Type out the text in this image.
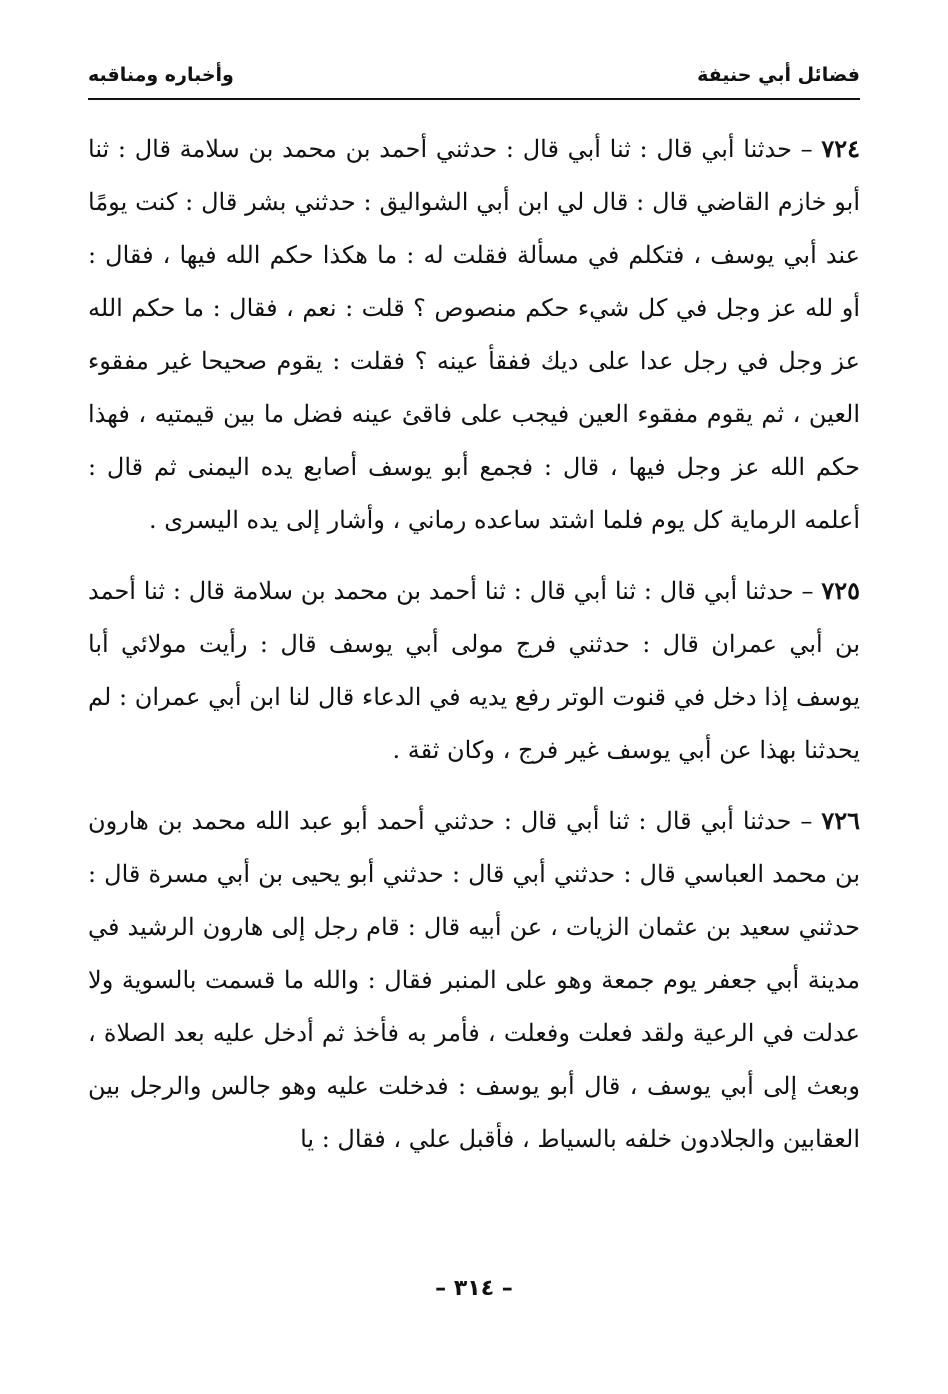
فضائل أبي حنيفة
وأخباره ومناقبه

٧٢٤ – حدثنا أبي قال : ثنا أبي قال : حدثني أحمد بن محمد بن سلامة قال : ثنا أبو خازم القاضي قال : قال لي ابن أبي الشواليق : حدثني بشر قال : كنت يومًا عند أبي يوسف ، فتكلم في مسألة فقلت له : ما هكذا حكم الله فيها ، فقال : أو لله عز وجل في كل شيء حكم منصوص ؟ قلت : نعم ، فقال : ما حكم الله عز وجل في رجل عدا على ديك ففقأ عينه ؟ فقلت : يقوم صحيحا غير مفقوء العين ، ثم يقوم مفقوء العين فيجب على فاقئ عينه فضل ما بين قيمتيه ، فهذا حكم الله عز وجل فيها ، قال : فجمع أبو يوسف أصابع يده اليمنى ثم قال : أعلمه الرماية كل يوم فلما اشتد ساعده رماني ، وأشار إلى يده اليسرى .

٧٢٥ – حدثنا أبي قال : ثنا أبي قال : ثنا أحمد بن محمد بن سلامة قال : ثنا أحمد بن أبي عمران قال : حدثني فرج مولى أبي يوسف قال : رأيت مولائي أبا يوسف إذا دخل في قنوت الوتر رفع يديه في الدعاء قال لنا ابن أبي عمران : لم يحدثنا بهذا عن أبي يوسف غير فرج ، وكان ثقة .

٧٢٦ – حدثنا أبي قال : ثنا أبي قال : حدثني أحمد أبو عبد الله محمد بن هارون بن محمد العباسي قال : حدثني أبي قال : حدثني أبو يحيى بن أبي مسرة قال : حدثني سعيد بن عثمان الزيات ، عن أبيه قال : قام رجل إلى هارون الرشيد في مدينة أبي جعفر يوم جمعة وهو على المنبر فقال : والله ما قسمت بالسوية ولا عدلت في الرعية ولقد فعلت وفعلت ، فأمر به فأخذ ثم أدخل عليه بعد الصلاة ، وبعث إلى أبي يوسف ، قال أبو يوسف : فدخلت عليه وهو جالس والرجل بين العقابين والجلادون خلفه بالسياط ، فأقبل علي ، فقال : يا

– ٣١٤ –
